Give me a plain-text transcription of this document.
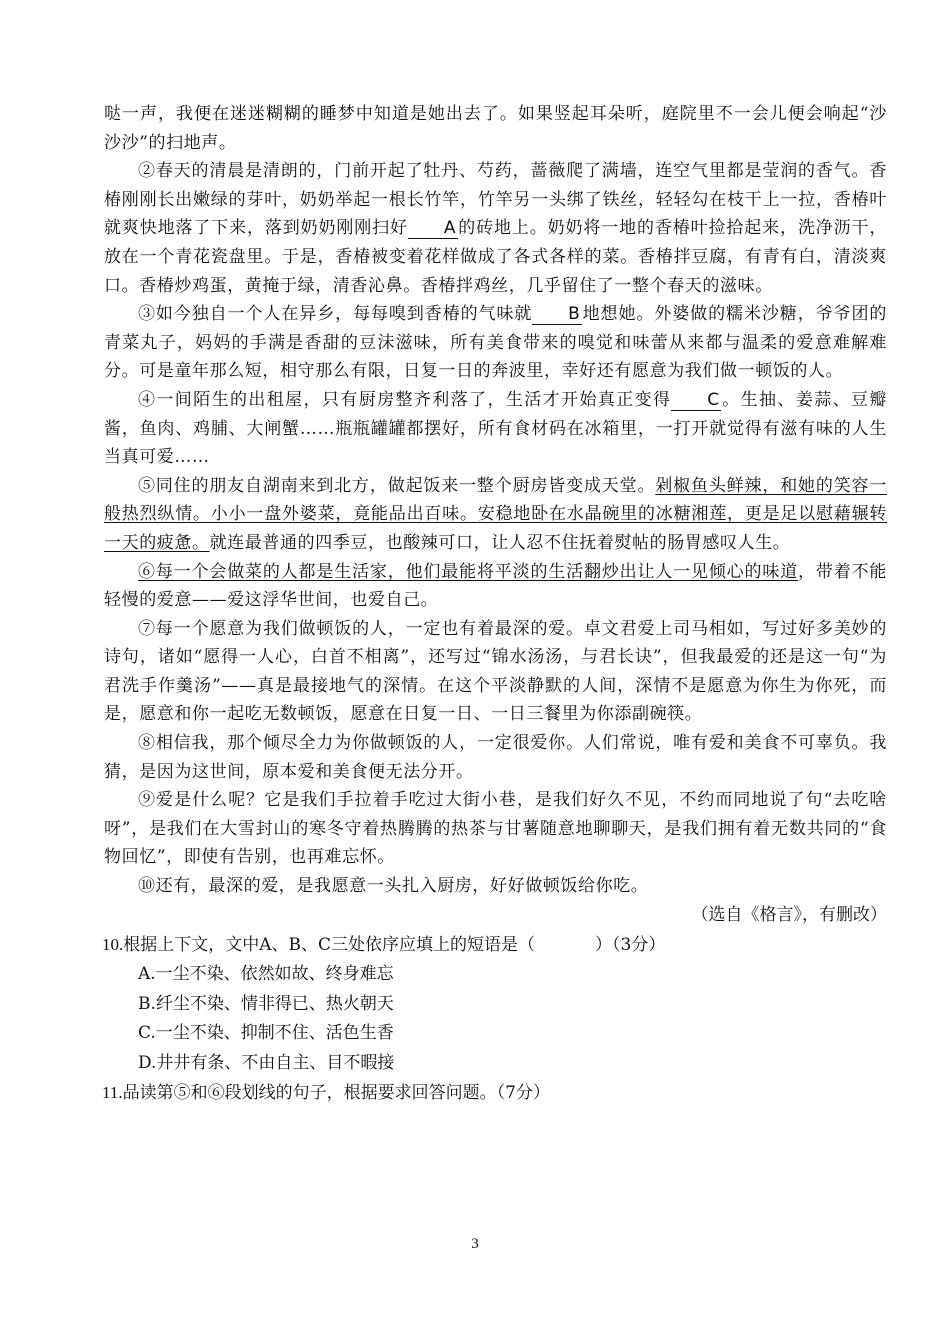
哒一声，我便在迷迷糊糊的睡梦中知道是她出去了。如果竖起耳朵听，庭院里不一会儿便会响起“沙沙沙”的扫地声。

②春天的清晨是清朗的，门前开起了牡丹、芍药，蔷薇爬了满墙，连空气里都是莹润的香气。香椿刚刚长出嫩绿的芽叶，奶奶举起一根长竹竿，竹竿另一头绑了铁丝，轻轻勾在枝干上一拉，香椿叶就爽快地落了下来，落到奶奶刚刚扫好 A 的砖地上。奶奶将一地的香椿叶捡拾起来，洗净沥干，放在一个青花瓷盘里。于是，香椿被变着花样做成了各式各样的菜。香椿拌豆腐，有青有白，清淡爽口。香椿炒鸡蛋，黄掩于绿，清香沁鼻。香椿拌鸡丝，几乎留住了一整个春天的滋味。

③如今独自一个人在异乡，每每嗅到香椿的气味就 B 地想她。外婆做的糯米沙糖，爷爷团的青菜丸子，妈妈的手满是香甜的豆沫滋味，所有美食带来的嗅觉和味蕾从来都与温柔的爱意难解难分。可是童年那么短，相守那么有限，日复一日的奔波里，幸好还有愿意为我们做一顿饭的人。

④一间陌生的出租屋，只有厨房整齐利落了，生活才开始真正变得 C 。生抽、姜蒜、豆瓣酱，鱼肉、鸡脯、大闸蟹……瓶瓶罐罐都摆好，所有食材码在冰箱里，一打开就觉得有滋有味的人生当真可爱……

⑤同住的朋友自湖南来到北方，做起饭来一整个厨房皆变成天堂。剁椒鱼头鲜辣，和她的笑容一般热烈纵情。小小一盘外婆菜，竟能品出百味。安稳地卧在水晶碗里的冰糖湘莲，更是足以慰藉辗转一天的疲惫。就连最普通的四季豆，也酸辣可口，让人忍不住抚着熨帖的肠胃感叹人生。

⑥每一个会做菜的人都是生活家，他们最能将平淡的生活翻炒出让人一见倾心的味道，带着不能轻慢的爱意——爱这浮华世间，也爱自己。

⑦每一个愿意为我们做顿饭的人，一定也有着最深的爱。卓文君爱上司马相如，写过好多美妙的诗句，诸如“愿得一人心，白首不相离”，还写过“锦水汤汤，与君长诀”，但我最爱的还是这一句“为君洗手作羹汤”——真是最接地气的深情。在这个平淡静默的人间，深情不是愿意为你生为你死，而是，愿意和你一起吃无数顿饭，愿意在日复一日、一日三餐里为你添副碗筷。

⑧相信我，那个倾尽全力为你做顿饭的人，一定很爱你。人们常说，唯有爱和美食不可辜负。我猜，是因为这世间，原本爱和美食便无法分开。

⑨爱是什么呢？它是我们手拉着手吃过大街小巷，是我们好久不见，不约而同地说了句“去吃啥呀”，是我们在大雪封山的寒冬守着热腾腾的热茶与甘薯随意地聊聊天，是我们拥有着无数共同的“食物回忆”，即使有告别，也再难忘怀。

⑩还有，最深的爱，是我愿意一头扎入厨房，好好做顿饭给你吃。

（选自《格言》，有删改）

10.根据上下文，文中A、B、C三处依序应填上的短语是（	）（3分）

A.一尘不染、依然如故、终身难忘

B.纤尘不染、情非得已、热火朝天

C.一尘不染、抑制不住、活色生香

D.井井有条、不由自主、目不暇接

11.品读第⑤和⑥段划线的句子，根据要求回答问题。（7分）

3
